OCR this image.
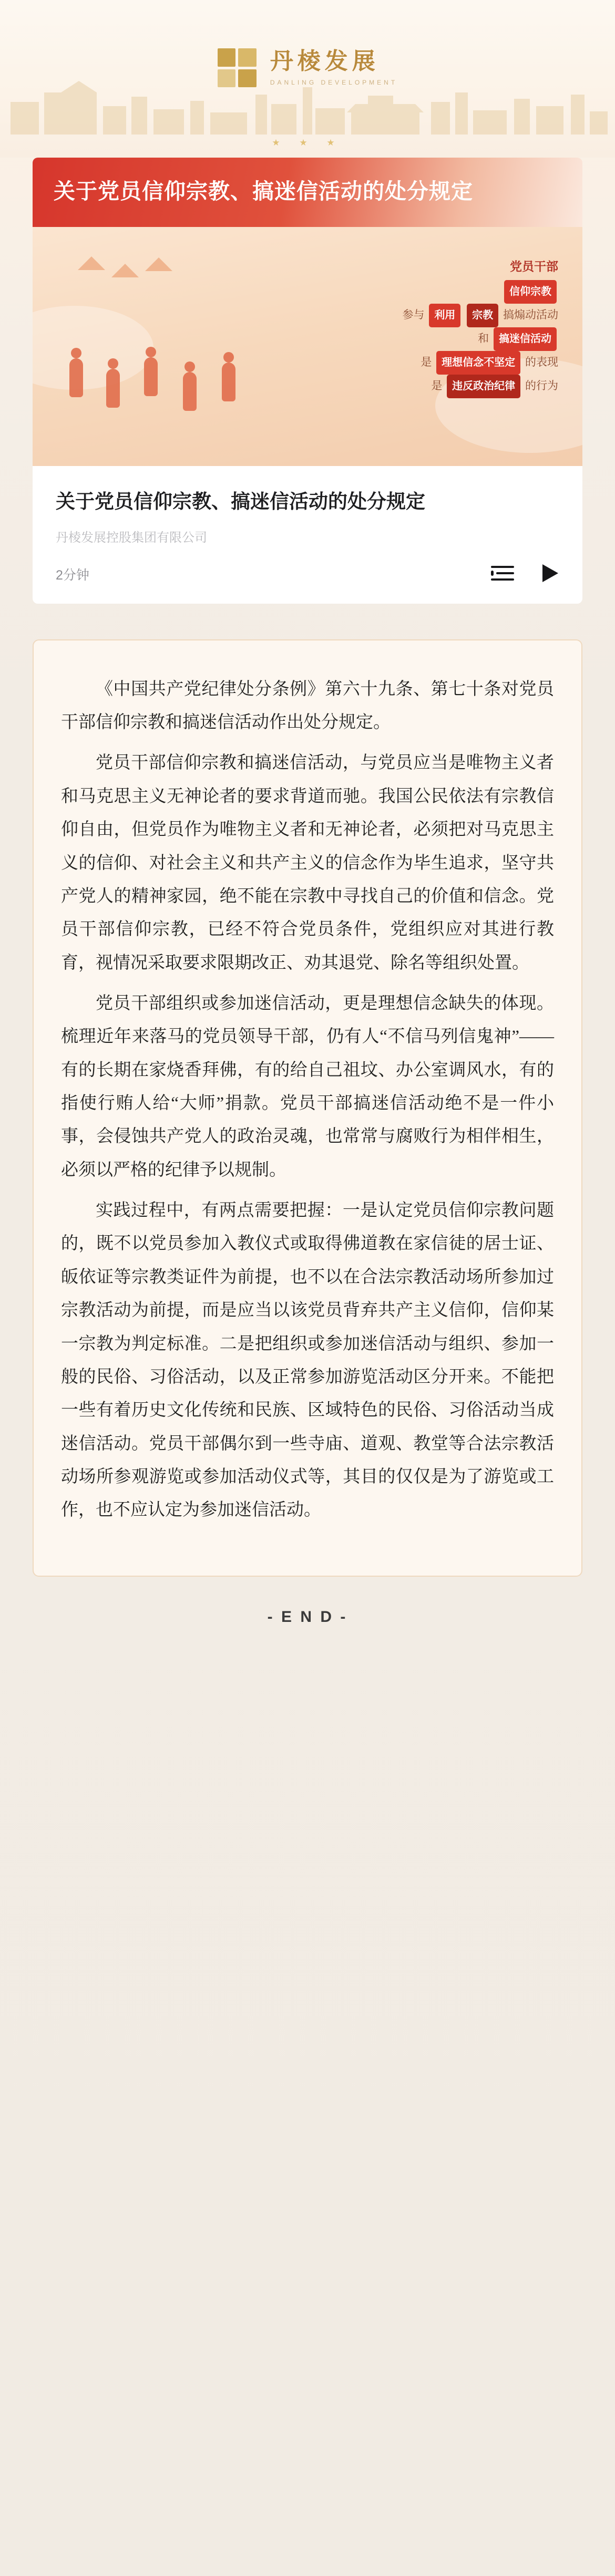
丹棱发展
DANLING DEVELOPMENT
★ ★ ★
关于党员信仰宗教、搞迷信活动的处分规定
党员干部
信仰宗教
参与 利用 宗教 搞煽动活动
和 搞迷信活动
是 理想信念不坚定 的表现
是 违反政治纪律 的行为
关于党员信仰宗教、搞迷信活动的处分规定
丹棱发展控股集团有限公司
2分钟

《中国共产党纪律处分条例》第六十九条、第七十条对党员干部信仰宗教和搞迷信活动作出处分规定。

党员干部信仰宗教和搞迷信活动，与党员应当是唯物主义者和马克思主义无神论者的要求背道而驰。我国公民依法有宗教信仰自由，但党员作为唯物主义者和无神论者，必须把对马克思主义的信仰、对社会主义和共产主义的信念作为毕生追求，坚守共产党人的精神家园，绝不能在宗教中寻找自己的价值和信念。党员干部信仰宗教，已经不符合党员条件，党组织应对其进行教育，视情况采取要求限期改正、劝其退党、除名等组织处置。

党员干部组织或参加迷信活动，更是理想信念缺失的体现。梳理近年来落马的党员领导干部，仍有人“不信马列信鬼神”——有的长期在家烧香拜佛，有的给自己祖坟、办公室调风水，有的指使行贿人给“大师”捐款。党员干部搞迷信活动绝不是一件小事，会侵蚀共产党人的政治灵魂，也常常与腐败行为相伴相生，必须以严格的纪律予以规制。

实践过程中，有两点需要把握：一是认定党员信仰宗教问题的，既不以党员参加入教仪式或取得佛道教在家信徒的居士证、皈依证等宗教类证件为前提，也不以在合法宗教活动场所参加过宗教活动为前提，而是应当以该党员背弃共产主义信仰，信仰某一宗教为判定标准。二是把组织或参加迷信活动与组织、参加一般的民俗、习俗活动，以及正常参加游览活动区分开来。不能把一些有着历史文化传统和民族、区域特色的民俗、习俗活动当成迷信活动。党员干部偶尔到一些寺庙、道观、教堂等合法宗教活动场所参观游览或参加活动仪式等，其目的仅仅是为了游览或工作，也不应认定为参加迷信活动。

- E N D -
